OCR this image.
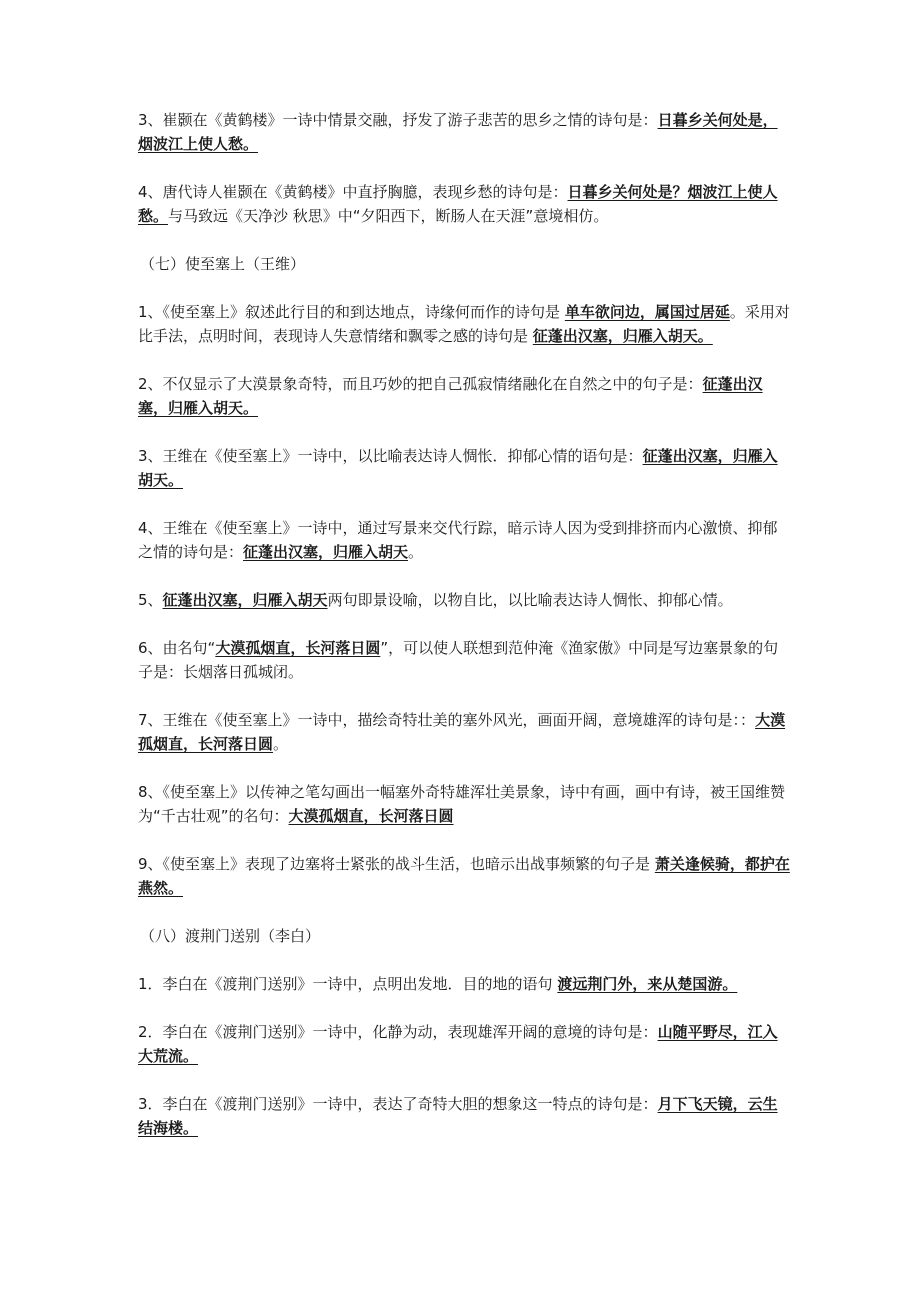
3、崔颢在《黄鹤楼》一诗中情景交融，抒发了游子悲苦的思乡之情的诗句是：日暮乡关何处是，烟波江上使人愁。

4、唐代诗人崔颢在《黄鹤楼》中直抒胸臆，表现乡愁的诗句是：日暮乡关何处是？烟波江上使人愁。与马致远《天净沙 秋思》中“夕阳西下，断肠人在天涯”意境相仿。

（七）使至塞上（王维）

1、《使至塞上》叙述此行目的和到达地点，诗缘何而作的诗句是 单车欲问边，属国过居延。采用对比手法，点明时间，表现诗人失意情绪和飘零之感的诗句是 征蓬出汉塞，归雁入胡天。

2、不仅显示了大漠景象奇特，而且巧妙的把自己孤寂情绪融化在自然之中的句子是：征蓬出汉塞，归雁入胡天。

3、王维在《使至塞上》一诗中，以比喻表达诗人惆怅．抑郁心情的语句是：征蓬出汉塞，归雁入胡天。

4、王维在《使至塞上》一诗中，通过写景来交代行踪，暗示诗人因为受到排挤而内心激愤、抑郁之情的诗句是：征蓬出汉塞，归雁入胡天。

5、征蓬出汉塞，归雁入胡天两句即景设喻，以物自比，以比喻表达诗人惆怅、抑郁心情。

6、由名句“大漠孤烟直，长河落日圆”，可以使人联想到范仲淹《渔家傲》中同是写边塞景象的句子是：长烟落日孤城闭。

7、王维在《使至塞上》一诗中，描绘奇特壮美的塞外风光，画面开阔，意境雄浑的诗句是：：大漠孤烟直，长河落日圆。

8、《使至塞上》以传神之笔勾画出一幅塞外奇特雄浑壮美景象，诗中有画，画中有诗，被王国维赞为“千古壮观”的名句：大漠孤烟直，长河落日圆

9、《使至塞上》表现了边塞将士紧张的战斗生活，也暗示出战事频繁的句子是 萧关逢候骑，都护在燕然。

（八）渡荆门送别（李白）

1．李白在《渡荆门送别》一诗中，点明出发地．目的地的语句 渡远荆门外，来从楚国游。

2．李白在《渡荆门送别》一诗中，化静为动，表现雄浑开阔的意境的诗句是：山随平野尽，江入大荒流。

3．李白在《渡荆门送别》一诗中，表达了奇特大胆的想象这一特点的诗句是：月下飞天镜，云生结海楼。
